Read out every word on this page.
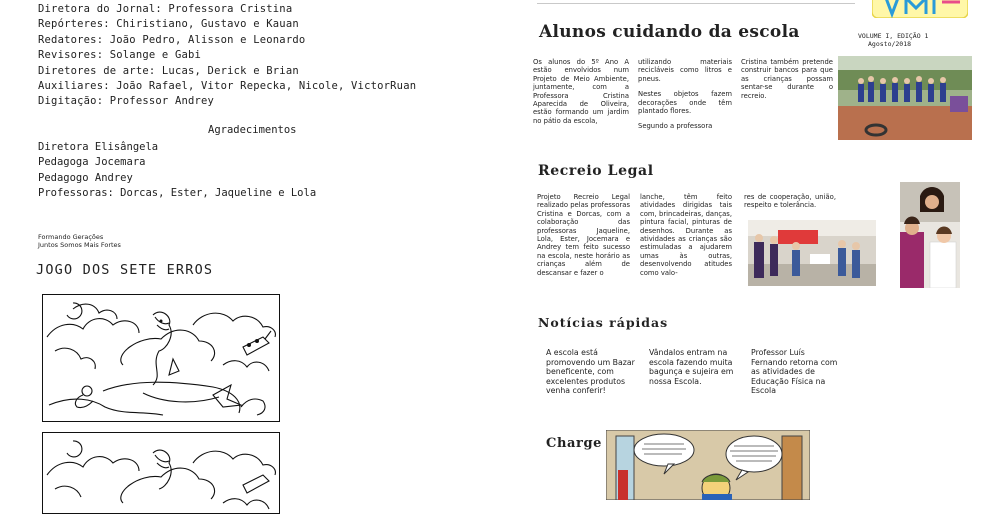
Diretora do Jornal: Professora Cristina
Repórteres: Chiristiano, Gustavo e Kauan
Redatores: João Pedro, Alisson e Leonardo
Revisores: Solange e Gabi
Diretores de arte: Lucas, Derick e Brian
Auxiliares: João Rafael, Vitor Repecka, Nicole, VictorRuan
Digitação: Professor Andrey
Agradecimentos
Diretora Elisângela
Pedagoga Jocemara
Pedagogo Andrey
Professoras: Dorcas, Ester, Jaqueline e Lola
Formando Gerações
Juntos Somos Mais Fortes
JOGO DOS SETE ERROS
Alunos cuidando da escola	VOLUME I, EDIÇÃO 1
Agosto/2018

Os alunos do 5º Ano A estão envolvidos num Projeto de Meio Ambiente, juntamente, com a Professora Cristina Aparecida de Oliveira, estão formando um jardim no pátio da escola,

utilizando materiais recicláveis como litros e pneus.

Nestes objetos fazem decorações onde têm plantado flores.

Segundo a professora

Cristina também pretende construir bancos para que as crianças possam sentar-se durante o recreio.

Recreio Legal

Projeto Recreio Legal realizado pelas professoras Cristina e Dorcas, com a colaboração das professoras Jaqueline, Lola, Ester, Jocemara e Andrey tem feito sucesso na escola, neste horário as crianças além de descansar e fazer o

lanche, têm feito atividades dirigidas tais com, brincadeiras, danças, pintura facial, pinturas de desenhos. Durante as atividades as crianças são estimuladas a ajudarem umas às outras, desenvolvendo atitudes como valo-

res de cooperação, união, respeito e tolerância.

Notícias rápidas
A escola está promovendo um Bazar beneficente, com excelentes produtos venha conferir!
Vândalos entram na escola fazendo muita bagunça e sujeira em nossa Escola.
Professor Luís Fernando retorna com as atividades de Educação Física na Escola
Charge
